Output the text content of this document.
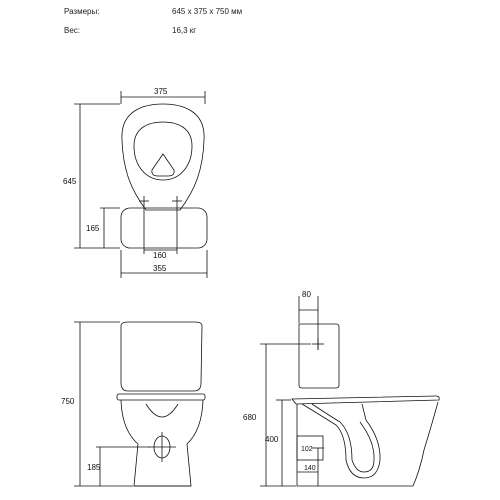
Размеры:	645 x 375 x 750 мм
Вес:	16,3 кг
375
645
165
160
355
750
185
80
680
400
102
140
